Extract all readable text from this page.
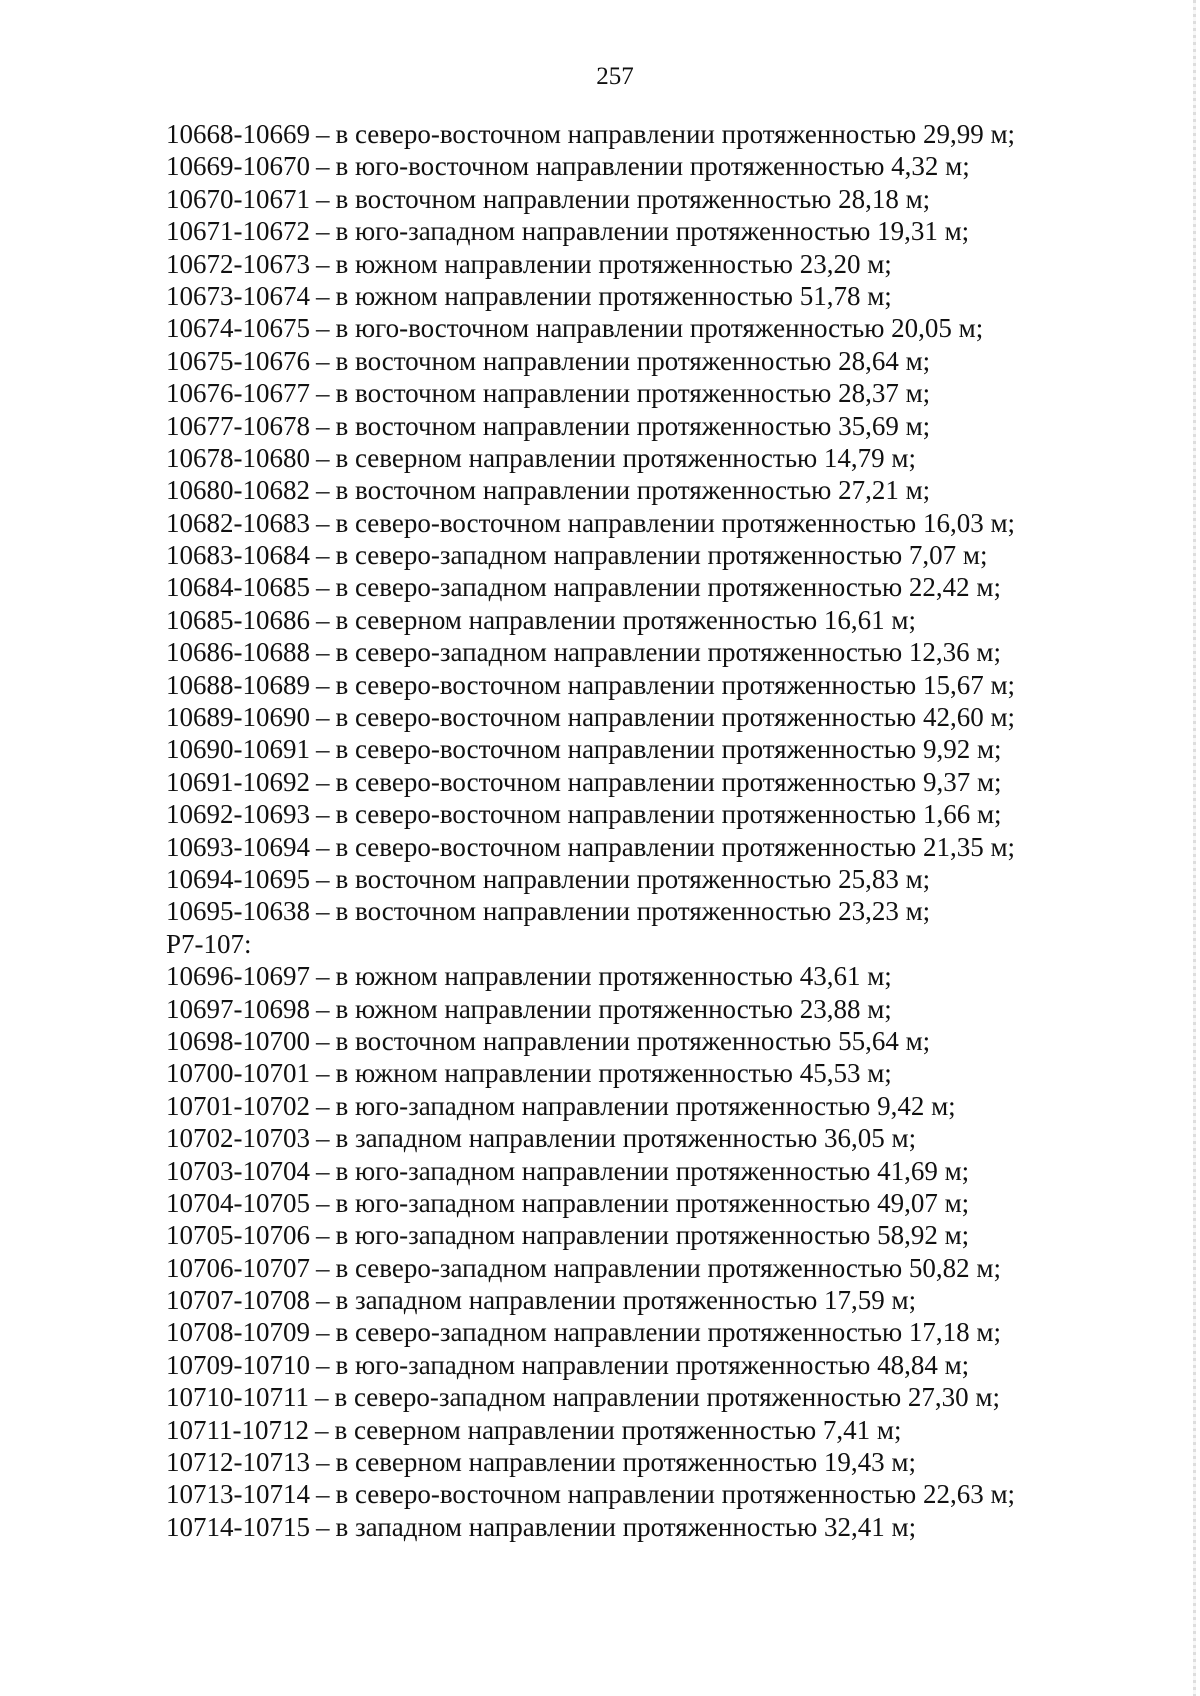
257
10668-10669 – в северо-восточном направлении протяженностью 29,99 м;
10669-10670 – в юго-восточном направлении протяженностью 4,32 м;
10670-10671 – в восточном направлении протяженностью 28,18 м;
10671-10672 – в юго-западном направлении протяженностью 19,31 м;
10672-10673 – в южном направлении протяженностью 23,20 м;
10673-10674 – в южном направлении протяженностью 51,78 м;
10674-10675 – в юго-восточном направлении протяженностью 20,05 м;
10675-10676 – в восточном направлении протяженностью 28,64 м;
10676-10677 – в восточном направлении протяженностью 28,37 м;
10677-10678 – в восточном направлении протяженностью 35,69 м;
10678-10680 – в северном направлении протяженностью 14,79 м;
10680-10682 – в восточном направлении протяженностью 27,21 м;
10682-10683 – в северо-восточном направлении протяженностью 16,03 м;
10683-10684 – в северо-западном направлении протяженностью 7,07 м;
10684-10685 – в северо-западном направлении протяженностью 22,42 м;
10685-10686 – в северном направлении протяженностью 16,61 м;
10686-10688 – в северо-западном направлении протяженностью 12,36 м;
10688-10689 – в северо-восточном направлении протяженностью 15,67 м;
10689-10690 – в северо-восточном направлении протяженностью 42,60 м;
10690-10691 – в северо-восточном направлении протяженностью 9,92 м;
10691-10692 – в северо-восточном направлении протяженностью 9,37 м;
10692-10693 – в северо-восточном направлении протяженностью 1,66 м;
10693-10694 – в северо-восточном направлении протяженностью 21,35 м;
10694-10695 – в восточном направлении протяженностью 25,83 м;
10695-10638 – в восточном направлении протяженностью 23,23 м;
Р7-107:
10696-10697 – в южном направлении протяженностью 43,61 м;
10697-10698 – в южном направлении протяженностью 23,88 м;
10698-10700 – в восточном направлении протяженностью 55,64 м;
10700-10701 – в южном направлении протяженностью 45,53 м;
10701-10702 – в юго-западном направлении протяженностью 9,42 м;
10702-10703 – в западном направлении протяженностью 36,05 м;
10703-10704 – в юго-западном направлении протяженностью 41,69 м;
10704-10705 – в юго-западном направлении протяженностью 49,07 м;
10705-10706 – в юго-западном направлении протяженностью 58,92 м;
10706-10707 – в северо-западном направлении протяженностью 50,82 м;
10707-10708 – в западном направлении протяженностью 17,59 м;
10708-10709 – в северо-западном направлении протяженностью 17,18 м;
10709-10710 – в юго-западном направлении протяженностью 48,84 м;
10710-10711 – в северо-западном направлении протяженностью 27,30 м;
10711-10712 – в северном направлении протяженностью 7,41 м;
10712-10713 – в северном направлении протяженностью 19,43 м;
10713-10714 – в северо-восточном направлении протяженностью 22,63 м;
10714-10715 – в западном направлении протяженностью 32,41 м;
